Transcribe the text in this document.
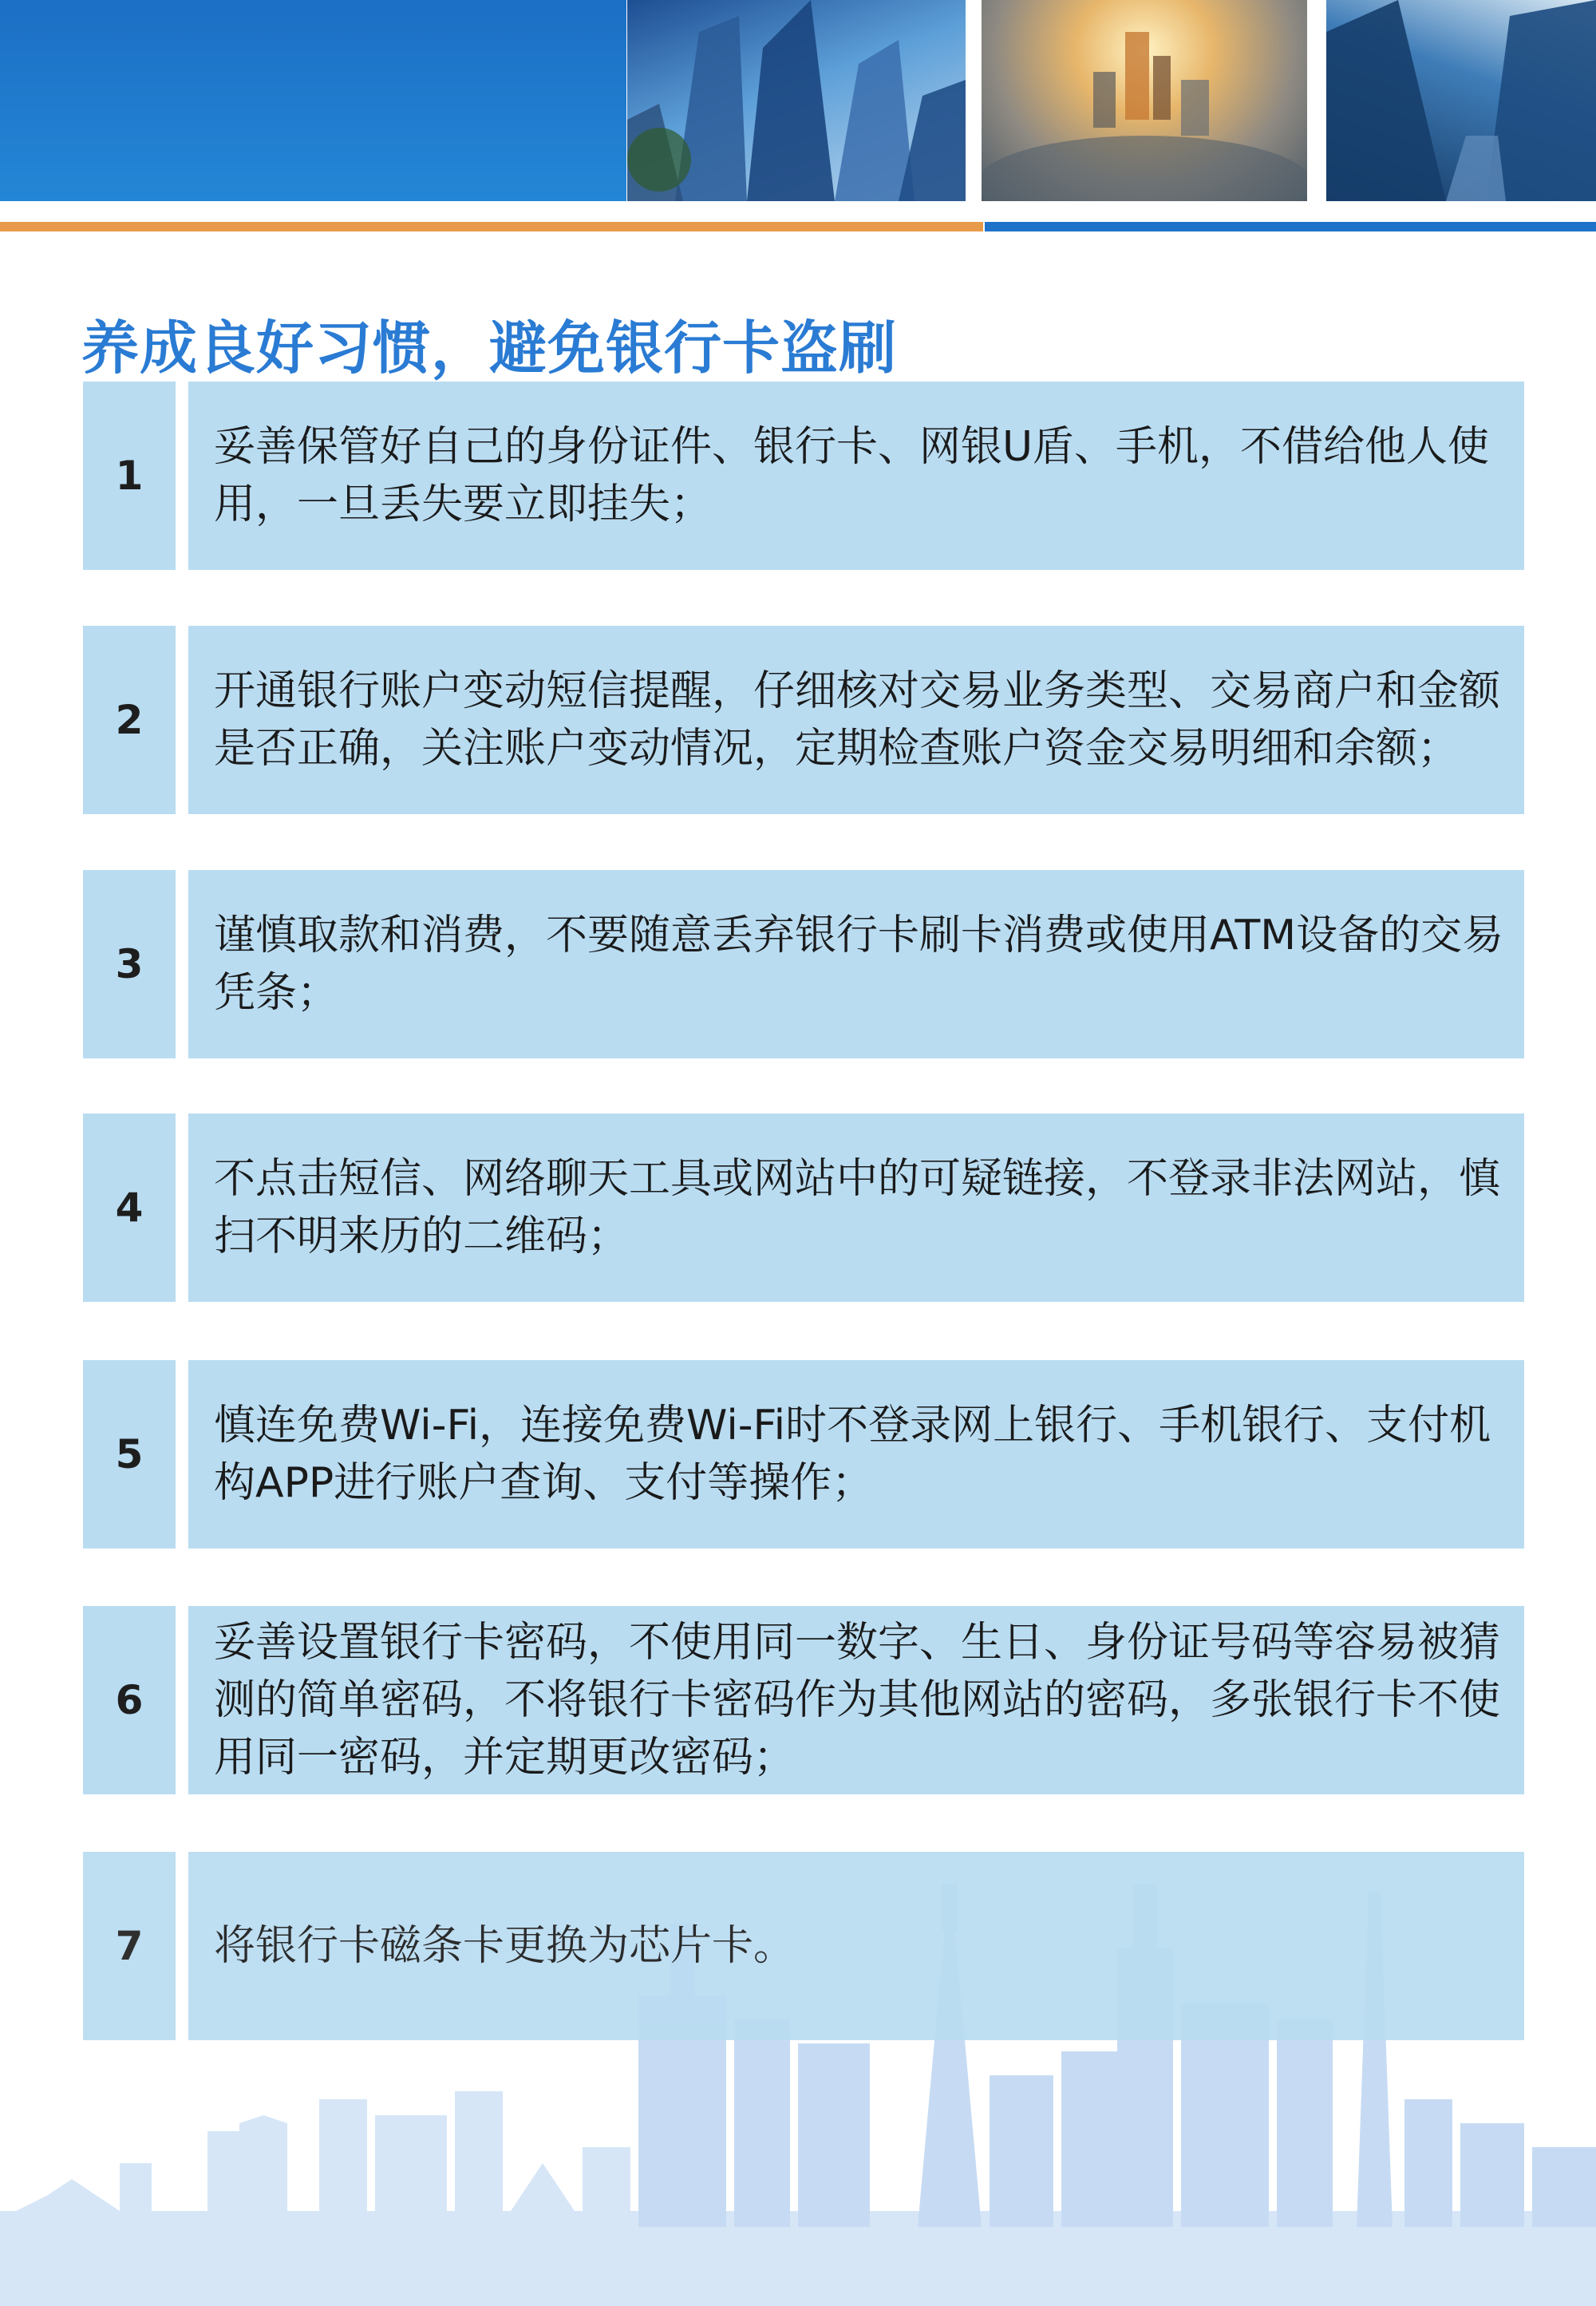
养成良好习惯，避免银行卡盗刷
1
妥善保管好自己的身份证件、银行卡、网银U盾、手机，不借给他人使用，一旦丢失要立即挂失；
2
开通银行账户变动短信提醒，仔细核对交易业务类型、交易商户和金额是否正确，关注账户变动情况，定期检查账户资金交易明细和余额；
3
谨慎取款和消费，不要随意丢弃银行卡刷卡消费或使用ATM设备的交易凭条；
4
不点击短信、网络聊天工具或网站中的可疑链接，不登录非法网站，慎扫不明来历的二维码；
5
慎连免费Wi-Fi，连接免费Wi-Fi时不登录网上银行、手机银行、支付机构APP进行账户查询、支付等操作；
6
妥善设置银行卡密码，不使用同一数字、生日、身份证号码等容易被猜测的简单密码，不将银行卡密码作为其他网站的密码，多张银行卡不使用同一密码，并定期更改密码；
7	将银行卡磁条卡更换为芯片卡。
